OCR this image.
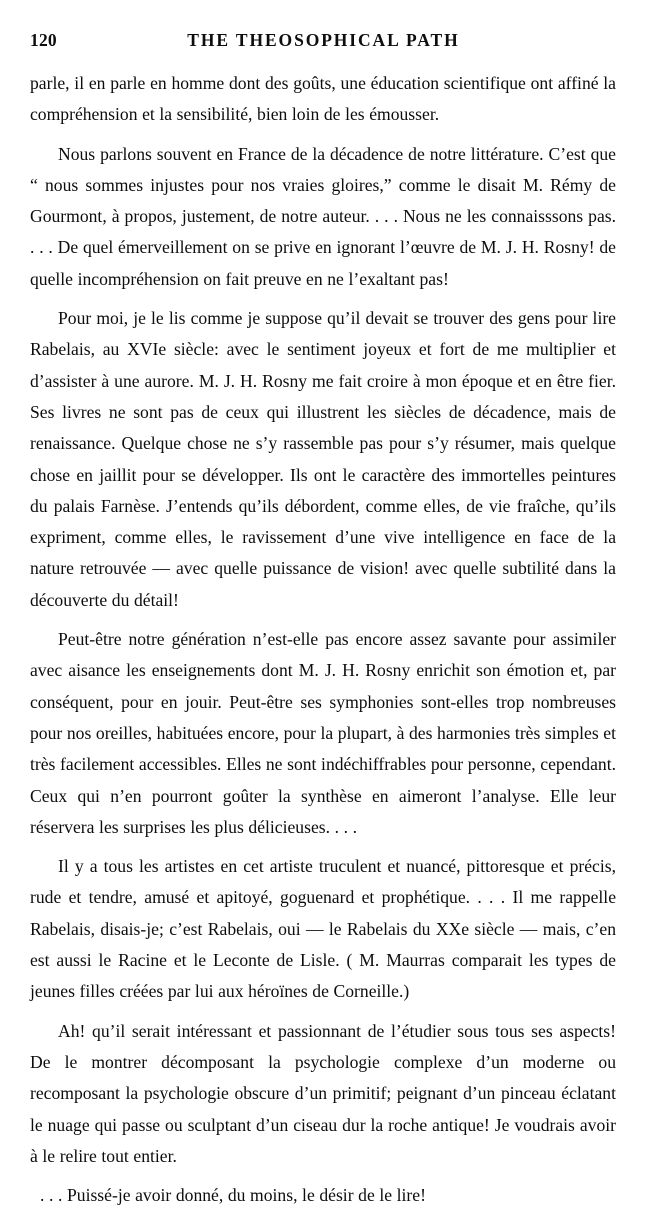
120	THE THEOSOPHICAL PATH

parle, il en parle en homme dont des goûts, une éducation scientifique ont affiné la compréhension et la sensibilité, bien loin de les émousser.

Nous parlons souvent en France de la décadence de notre littérature. C’est que “ nous sommes injustes pour nos vraies gloires,” comme le disait M. Rémy de Gourmont, à propos, justement, de notre auteur. . . . Nous ne les connaisssons pas. . . . De quel émerveillement on se prive en ignorant l’œuvre de M. J. H. Rosny! de quelle incompréhension on fait preuve en ne l’exaltant pas!

Pour moi, je le lis comme je suppose qu’il devait se trouver des gens pour lire Rabelais, au XVIe siècle: avec le sentiment joyeux et fort de me multiplier et d’assister à une aurore. M. J. H. Rosny me fait croire à mon époque et en être fier. Ses livres ne sont pas de ceux qui illustrent les siècles de décadence, mais de renaissance. Quelque chose ne s’y rassemble pas pour s’y résumer, mais quelque chose en jaillit pour se développer. Ils ont le caractère des immortelles peintures du palais Farnèse. J’entends qu’ils débordent, comme elles, de vie fraîche, qu’ils expriment, comme elles, le ravissement d’une vive intelligence en face de la nature retrouvée — avec quelle puissance de vision! avec quelle subtilité dans la découverte du détail!

Peut-être notre génération n’est-elle pas encore assez savante pour assimiler avec aisance les enseignements dont M. J. H. Rosny enrichit son émotion et, par conséquent, pour en jouir. Peut-être ses symphonies sont-elles trop nombreuses pour nos oreilles, habituées encore, pour la plupart, à des harmonies très simples et très facilement accessibles. Elles ne sont indéchiffrables pour personne, cependant. Ceux qui n’en pourront goûter la synthèse en aimeront l’analyse. Elle leur réservera les surprises les plus délicieuses. . . .

Il y a tous les artistes en cet artiste truculent et nuancé, pittoresque et précis, rude et tendre, amusé et apitoyé, goguenard et prophétique. . . . Il me rappelle Rabelais, disais-je; c’est Rabelais, oui — le Rabelais du XXe siècle — mais, c’en est aussi le Racine et le Leconte de Lisle. ( M. Maurras comparait les types de jeunes filles créées par lui aux héroïnes de Corneille.)

Ah! qu’il serait intéressant et passionnant de l’étudier sous tous ses aspects! De le montrer décomposant la psychologie complexe d’un moderne ou recomposant la psychologie obscure d’un primitif; peignant d’un pinceau éclatant le nuage qui passe ou sculptant d’un ciseau dur la roche antique! Je voudrais avoir à le relire tout entier.

. . . Puissé-je avoir donné, du moins, le désir de le lire!
